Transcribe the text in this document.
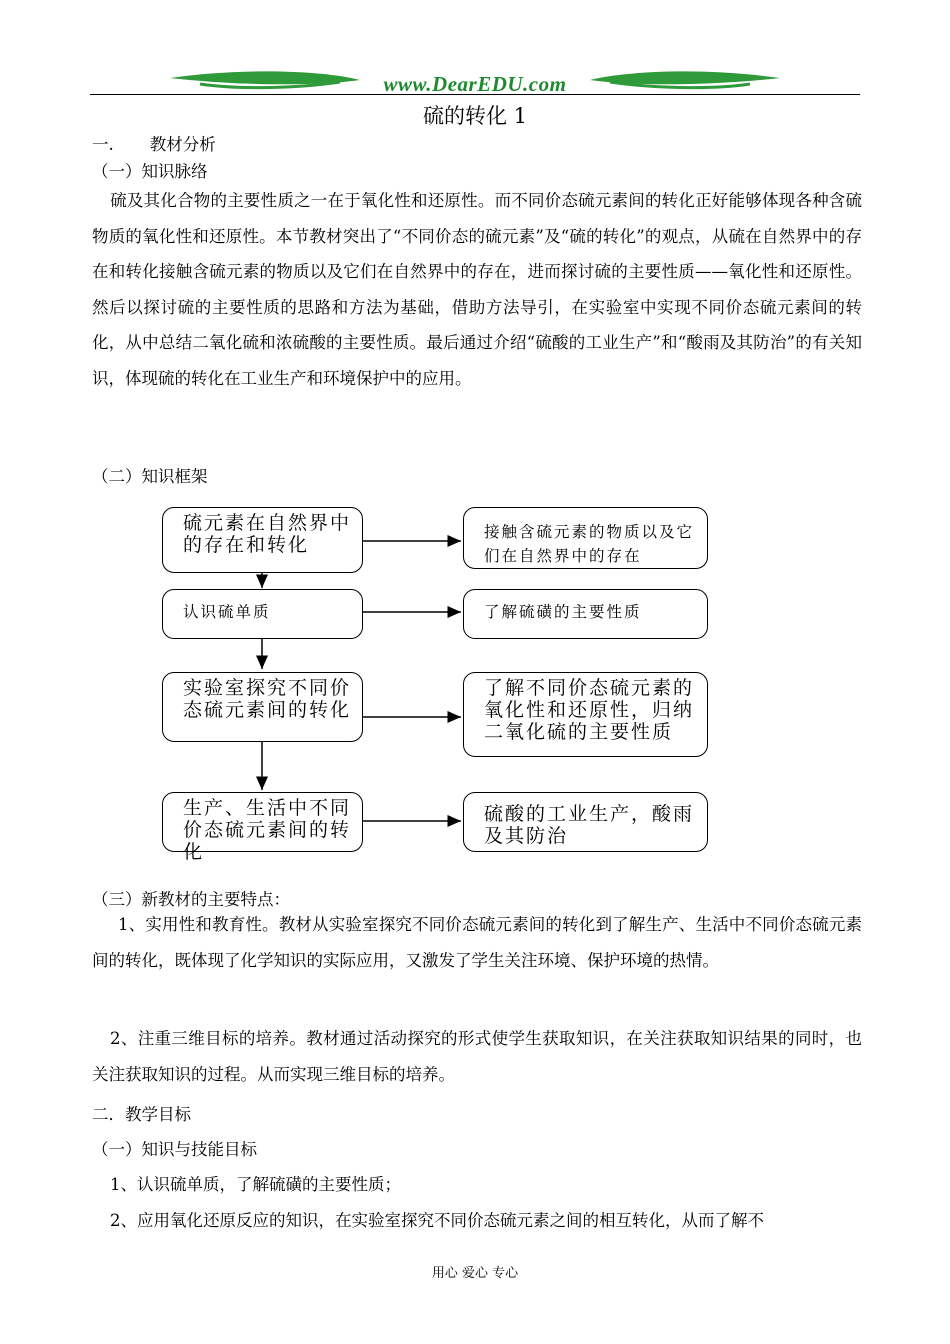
www.DearEDU.com
硫的转化 1
一. 教材分析
（一）知识脉络
硫及其化合物的主要性质之一在于氧化性和还原性。而不同价态硫元素间的转化正好能够体现各种含硫物质的氧化性和还原性。本节教材突出了“不同价态的硫元素”及“硫的转化”的观点，从硫在自然界中的存在和转化接触含硫元素的物质以及它们在自然界中的存在，进而探讨硫的主要性质——氧化性和还原性。然后以探讨硫的主要性质的思路和方法为基础，借助方法导引，在实验室中实现不同价态硫元素间的转化，从中总结二氧化硫和浓硫酸的主要性质。最后通过介绍“硫酸的工业生产”和“酸雨及其防治”的有关知识，体现硫的转化在工业生产和环境保护中的应用。
（二）知识框架
硫元素在自然界中的存在和转化
认识硫单质
实验室探究不同价态硫元素间的转化
生产、生活中不同价态硫元素间的转化
接触含硫元素的物质以及它们在自然界中的存在
了解硫磺的主要性质
了解不同价态硫元素的氧化性和还原性，归纳二氧化硫的主要性质
硫酸的工业生产，酸雨及其防治
（三）新教材的主要特点：
1、实用性和教育性。教材从实验室探究不同价态硫元素间的转化到了解生产、生活中不同价态硫元素间的转化，既体现了化学知识的实际应用，又激发了学生关注环境、保护环境的热情。
2、注重三维目标的培养。教材通过活动探究的形式使学生获取知识，在关注获取知识结果的同时，也关注获取知识的过程。从而实现三维目标的培养。
二．教学目标
（一）知识与技能目标
1、认识硫单质，了解硫磺的主要性质；
2、应用氧化还原反应的知识，在实验室探究不同价态硫元素之间的相互转化，从而了解不
用心 爱心 专心
